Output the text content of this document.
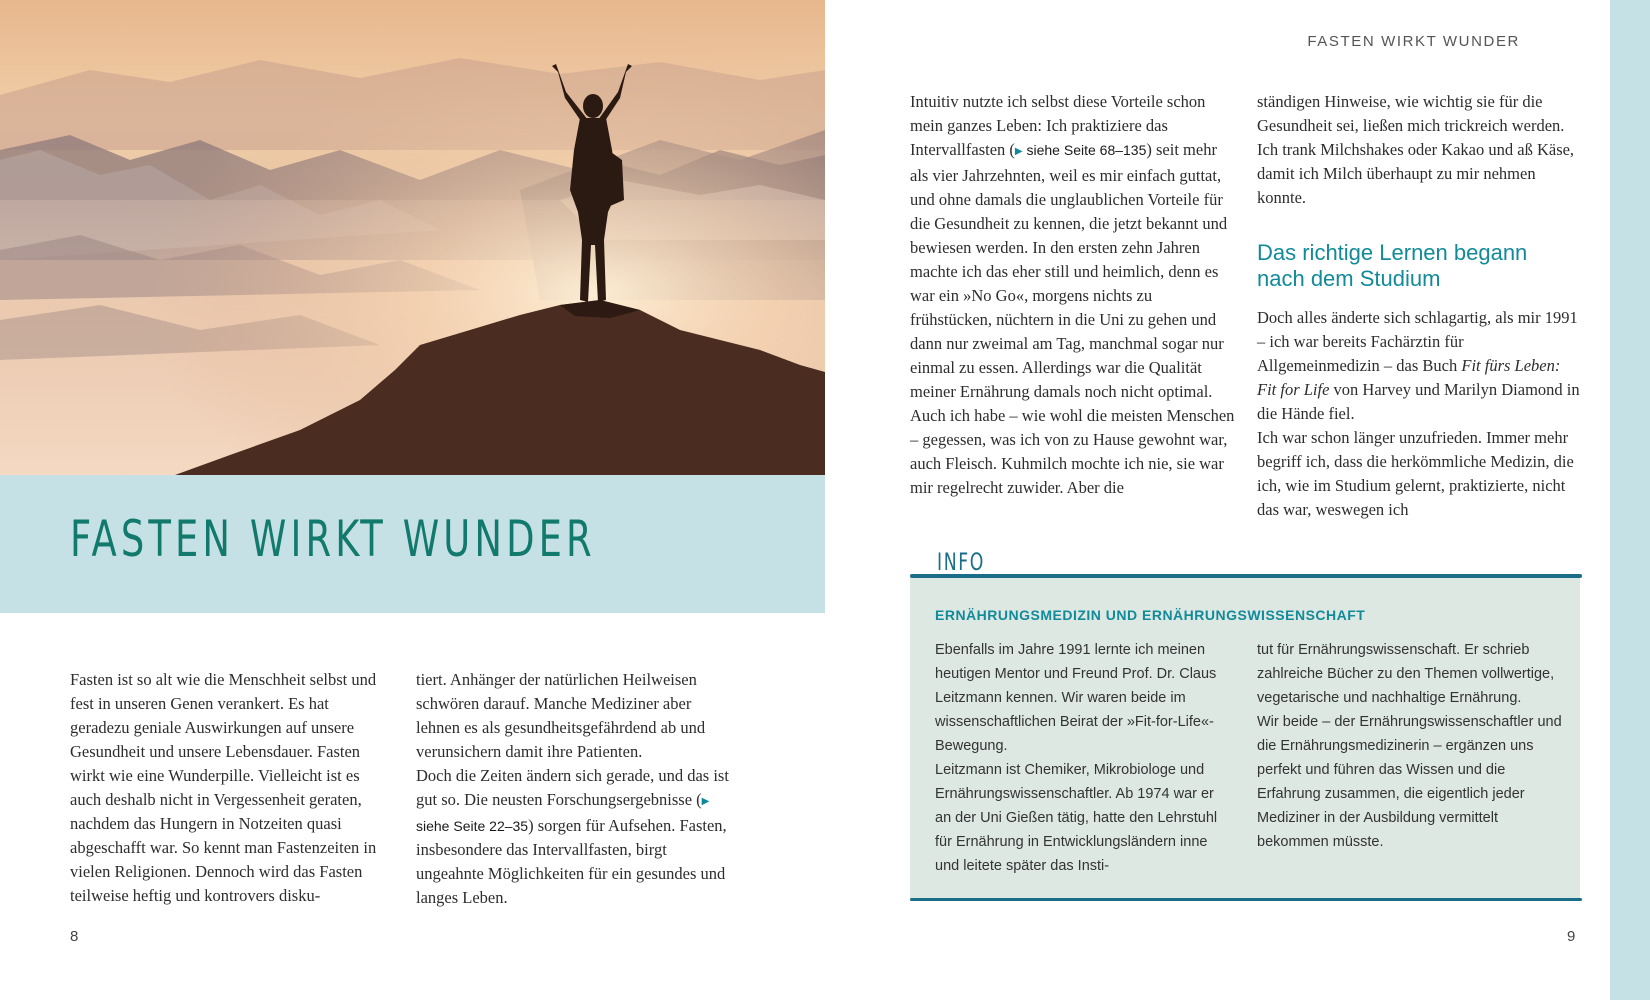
FASTEN WIRKT WUNDER

Fasten ist so alt wie die Menschheit selbst und fest in unseren Genen verankert. Es hat geradezu geniale Auswirkungen auf unsere Gesundheit und unsere Lebensdauer. Fasten wirkt wie eine Wunderpille. Vielleicht ist es auch deshalb nicht in Vergessenheit geraten, nachdem das Hungern in Notzeiten quasi abgeschafft war. So kennt man Fastenzeiten in vielen Religionen. Dennoch wird das Fasten teilweise heftig und kontrovers disku-

tiert. Anhänger der natürlichen Heilweisen schwören darauf. Manche Mediziner aber lehnen es als gesundheitsgefährdend ab und verunsichern damit ihre Patienten.

Doch die Zeiten ändern sich gerade, und das ist gut so. Die neusten Forschungsergebnisse (▶ siehe Seite 22–35) sorgen für Aufsehen. Fasten, insbesondere das Intervallfasten, birgt ungeahnte Möglichkeiten für ein gesundes und langes Leben.

8
FASTEN WIRKT WUNDER

Intuitiv nutzte ich selbst diese Vorteile schon mein ganzes Leben: Ich praktiziere das Intervallfasten (▶ siehe Seite 68–135) seit mehr als vier Jahrzehnten, weil es mir einfach guttat, und ohne damals die unglaublichen Vorteile für die Gesundheit zu kennen, die jetzt bekannt und bewiesen werden. In den ersten zehn Jahren machte ich das eher still und heimlich, denn es war ein »No Go«, morgens nichts zu frühstücken, nüchtern in die Uni zu gehen und dann nur zweimal am Tag, manchmal sogar nur einmal zu essen. Allerdings war die Qualität meiner Ernährung damals noch nicht optimal. Auch ich habe – wie wohl die meisten Menschen – gegessen, was ich von zu Hause gewohnt war, auch Fleisch. Kuhmilch mochte ich nie, sie war mir regelrecht zuwider. Aber die

ständigen Hinweise, wie wichtig sie für die Gesundheit sei, ließen mich trickreich werden. Ich trank Milchshakes oder Kakao und aß Käse, damit ich Milch überhaupt zu mir nehmen konnte.

Das richtige Lernen begann nach dem Studium

Doch alles änderte sich schlagartig, als mir 1991 – ich war bereits Fachärztin für Allgemeinmedizin – das Buch Fit fürs Leben: Fit for Life von Harvey und Marilyn Diamond in die Hände fiel.

Ich war schon länger unzufrieden. Immer mehr begriff ich, dass die herkömmliche Medizin, die ich, wie im Studium gelernt, praktizierte, nicht das war, weswegen ich

INFO
ERNÄHRUNGSMEDIZIN UND ERNÄHRUNGSWISSENSCHAFT

Ebenfalls im Jahre 1991 lernte ich meinen heutigen Mentor und Freund Prof. Dr. Claus Leitzmann kennen. Wir waren beide im wissenschaftlichen Beirat der »Fit-for-Life«-Bewegung.

Leitzmann ist Chemiker, Mikrobiologe und Ernährungswissenschaftler. Ab 1974 war er an der Uni Gießen tätig, hatte den Lehrstuhl für Ernährung in Entwicklungsländern inne und leitete später das Insti-

tut für Ernährungswissenschaft. Er schrieb zahlreiche Bücher zu den Themen vollwertige, vegetarische und nachhaltige Ernährung.

Wir beide – der Ernährungswissenschaftler und die Ernährungsmedizinerin – ergänzen uns perfekt und führen das Wissen und die Erfahrung zusammen, die eigentlich jeder Mediziner in der Ausbildung vermittelt bekommen müsste.

9
